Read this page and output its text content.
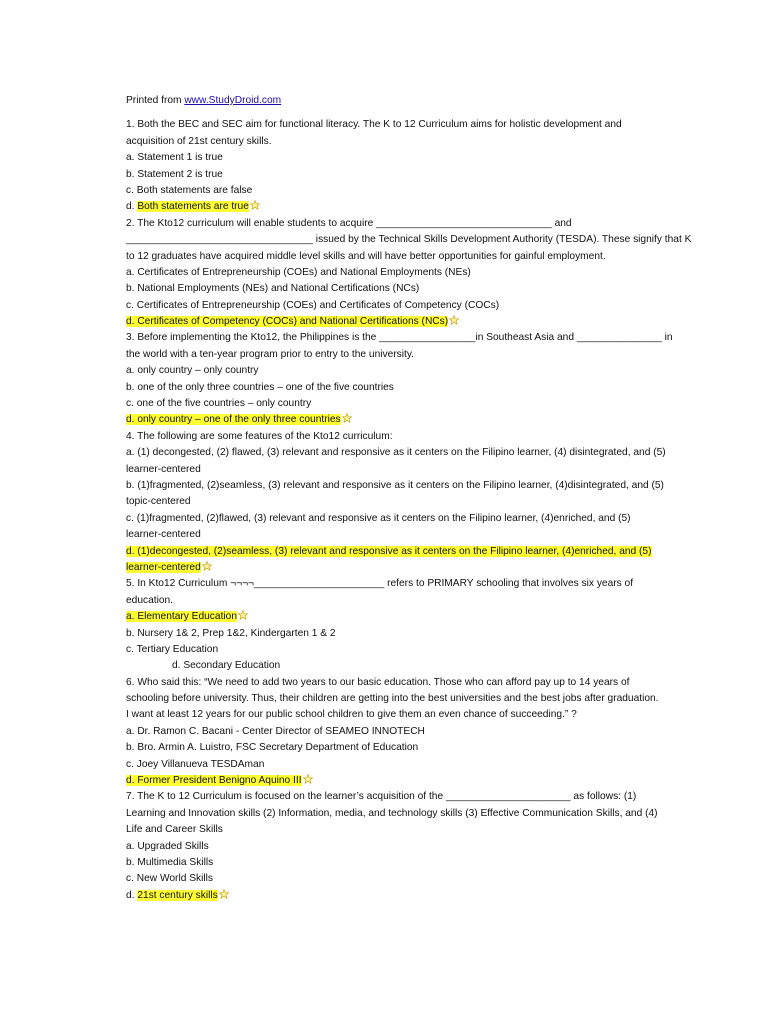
Printed from www.StudyDroid.com
1. Both the BEC and SEC aim for functional literacy. The K to 12 Curriculum aims for holistic development and
acquisition of 21st century skills.
a. Statement 1 is true
b. Statement 2 is true
c. Both statements are false
d. Both statements are true
2. The Kto12 curriculum will enable students to acquire _______________________________ and
_________________________________ issued by the Technical Skills Development Authority (TESDA). These signify that K
to 12 graduates have acquired middle level skills and will have better opportunities for gainful employment.
a. Certificates of Entrepreneurship (COEs) and National Employments (NEs)
b. National Employments (NEs) and National Certifications (NCs)
c. Certificates of Entrepreneurship (COEs) and Certificates of Competency (COCs)
d. Certificates of Competency (COCs) and National Certifications (NCs)
3. Before implementing the Kto12, the Philippines is the _________________in Southeast Asia and _______________ in
the world with a ten-year program prior to entry to the university.
a. only country – only country
b. one of the only three countries – one of the five countries
c. one of the five countries – only country
d. only country – one of the only three countries
4. The following are some features of the Kto12 curriculum:
a. (1) decongested, (2) flawed, (3) relevant and responsive as it centers on the Filipino learner, (4) disintegrated, and (5)
learner-centered
b. (1)fragmented, (2)seamless, (3) relevant and responsive as it centers on the Filipino learner, (4)disintegrated, and (5)
topic-centered
c. (1)fragmented, (2)flawed, (3) relevant and responsive as it centers on the Filipino learner, (4)enriched, and (5)
learner-centered
d. (1)decongested, (2)seamless, (3) relevant and responsive as it centers on the Filipino learner, (4)enriched, and (5)
learner-centered
5. In Kto12 Curriculum ¬¬¬¬_______________________ refers to PRIMARY schooling that involves six years of
education.
a. Elementary Education
b. Nursery 1& 2, Prep 1&2, Kindergarten 1 & 2
c. Tertiary Education
d. Secondary Education
6. Who said this: “We need to add two years to our basic education. Those who can afford pay up to 14 years of
schooling before university. Thus, their children are getting into the best universities and the best jobs after graduation.
I want at least 12 years for our public school children to give them an even chance of succeeding.” ?
a. Dr. Ramon C. Bacani - Center Director of SEAMEO INNOTECH
b. Bro. Armin A. Luistro, FSC Secretary Department of Education
c. Joey Villanueva TESDAman
d. Former President Benigno Aquino III
7. The K to 12 Curriculum is focused on the learner’s acquisition of the ______________________ as follows: (1)
Learning and Innovation skills (2) Information, media, and technology skills (3) Effective Communication Skills, and (4)
Life and Career Skills
a. Upgraded Skills
b. Multimedia Skills
c. New World Skills
d. 21st century skills
